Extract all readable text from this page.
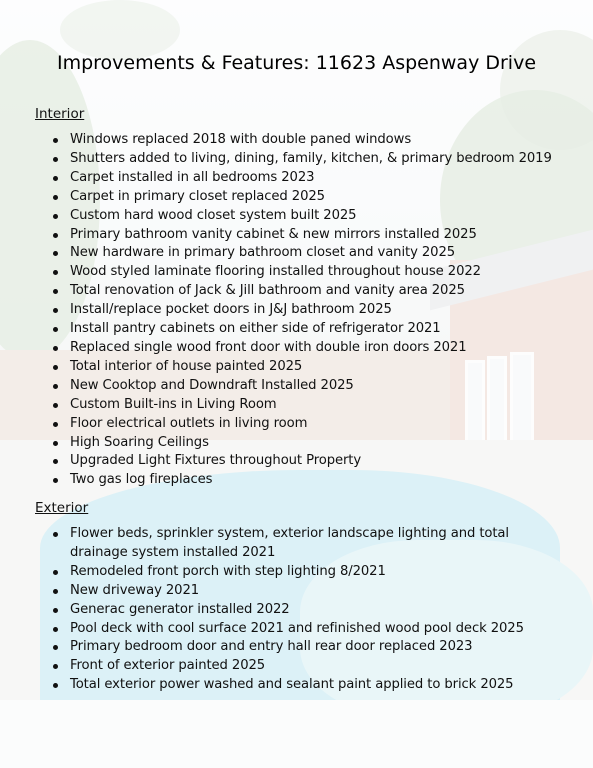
Improvements & Features: 11623 Aspenway Drive
Interior
Windows replaced 2018 with double paned windows
Shutters added to living, dining, family, kitchen, & primary bedroom 2019
Carpet installed in all bedrooms 2023
Carpet in primary closet replaced 2025
Custom hard wood closet system built 2025
Primary bathroom vanity cabinet & new mirrors installed 2025
New hardware in primary bathroom closet and vanity 2025
Wood styled laminate flooring installed throughout house 2022
Total renovation of Jack & Jill bathroom and vanity area 2025
Install/replace pocket doors in J&J bathroom 2025
Install pantry cabinets on either side of refrigerator 2021
Replaced single wood front door with double iron doors 2021
Total interior of house painted 2025
New Cooktop and Downdraft Installed 2025
Custom Built-ins in Living Room
Floor electrical outlets in living room
High Soaring Ceilings
Upgraded Light Fixtures throughout Property
Two gas log fireplaces
Exterior
Flower beds, sprinkler system, exterior landscape lighting and total drainage system installed 2021
Remodeled front porch with step lighting 8/2021
New driveway 2021
Generac generator installed 2022
Pool deck with cool surface 2021 and refinished wood pool deck 2025
Primary bedroom door and entry hall rear door replaced 2023
Front of exterior painted 2025
Total exterior power washed and sealant paint applied to brick 2025
